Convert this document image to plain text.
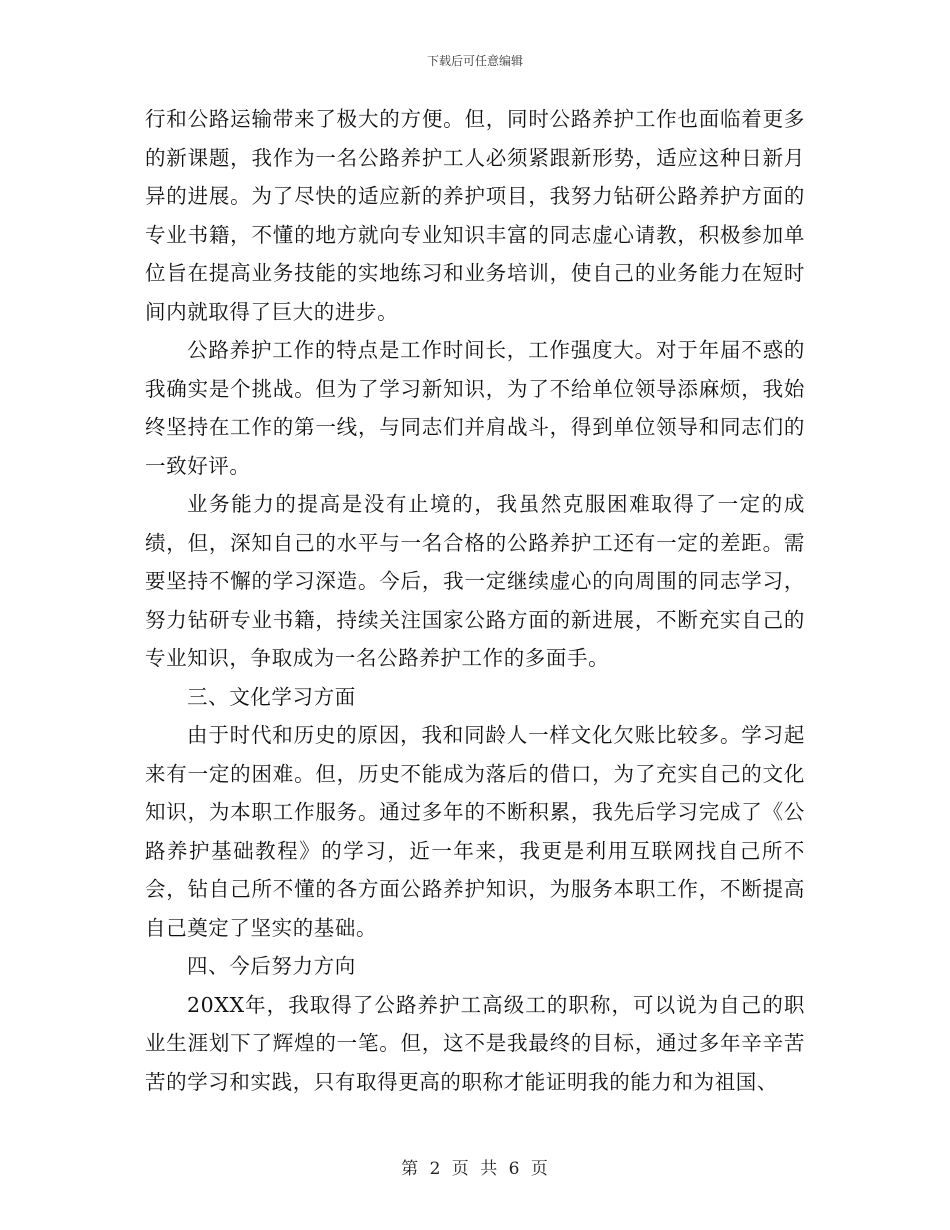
下载后可任意编辑

行和公路运输带来了极大的方便。但，同时公路养护工作也面临着更多的新课题，我作为一名公路养护工人必须紧跟新形势，适应这种日新月异的进展。为了尽快的适应新的养护项目，我努力钻研公路养护方面的专业书籍，不懂的地方就向专业知识丰富的同志虚心请教，积极参加单位旨在提高业务技能的实地练习和业务培训，使自己的业务能力在短时间内就取得了巨大的进步。

公路养护工作的特点是工作时间长，工作强度大。对于年届不惑的我确实是个挑战。但为了学习新知识，为了不给单位领导添麻烦，我始终坚持在工作的第一线，与同志们并肩战斗，得到单位领导和同志们的一致好评。

业务能力的提高是没有止境的，我虽然克服困难取得了一定的成绩，但，深知自己的水平与一名合格的公路养护工还有一定的差距。需要坚持不懈的学习深造。今后，我一定继续虚心的向周围的同志学习，努力钻研专业书籍，持续关注国家公路方面的新进展，不断充实自己的专业知识，争取成为一名公路养护工作的多面手。

三、文化学习方面

由于时代和历史的原因，我和同龄人一样文化欠账比较多。学习起来有一定的困难。但，历史不能成为落后的借口，为了充实自己的文化知识，为本职工作服务。通过多年的不断积累，我先后学习完成了《公路养护基础教程》的学习，近一年来，我更是利用互联网找自己所不会，钻自己所不懂的各方面公路养护知识，为服务本职工作，不断提高自己奠定了坚实的基础。

四、今后努力方向

20XX年，我取得了公路养护工高级工的职称，可以说为自己的职业生涯划下了辉煌的一笔。但，这不是我最终的目标，通过多年辛辛苦苦的学习和实践，只有取得更高的职称才能证明我的能力和为祖国、

第 2 页 共 6 页
